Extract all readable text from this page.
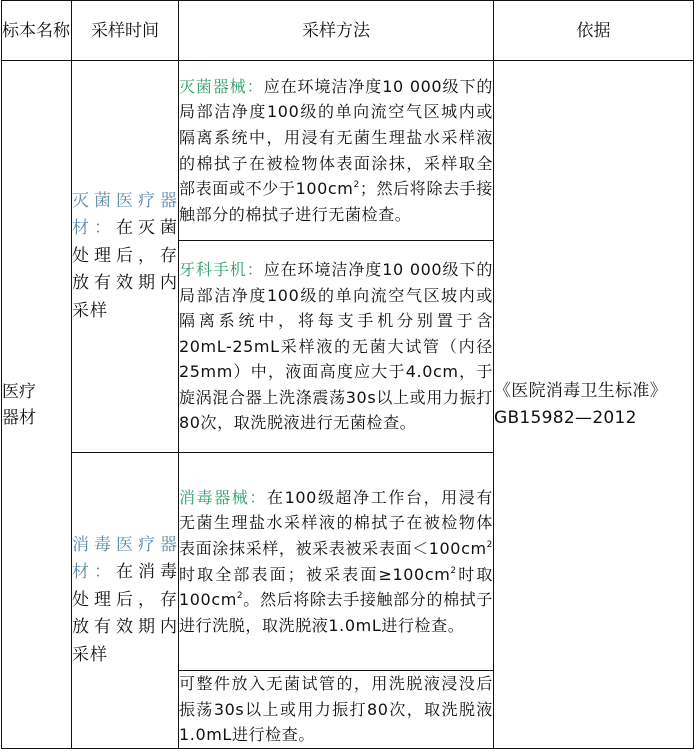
标本名称	采样时间	采样方法	依据

医疗器材	灭菌医疗器材：在灭菌处理后，存放有效期内采样	灭菌器械：应在环境洁净度10 000级下的局部洁净度100级的单向流空气区城内或隔离系统中，用浸有无菌生理盐水采样液的棉拭子在被检物体表面涂抹，采样取全部表面或不少于$100cm^2$；然后将除去手接触部分的棉拭子进行无菌检查。	《医院消毒卫生标准》GB15982—2012
		牙科手机：应在环境洁净度10 000级下的局部洁净度100级的单向流空气区坡内或隔离系统中，将每支手机分别置于含20mL-25mL采样液的无菌大试管（内径25mm）中，液面高度应大于4.0cm，于旋涡混合器上洗涤震荡30s以上或用力振打80次，取洗脱液进行无菌检查。	
	消毒医疗器材：在消毒处理后，存放有效期内采样	消毒器械：在100级超净工作台，用浸有无菌生理盐水采样液的棉拭子在被检物体表面涂抹采样，被采表被采表面$<100cm^2$时取全部表面；被采表面$\ge 100cm^2$时取$100cm^2$。然后将除去手接触部分的棉拭子进行洗脱，取洗脱液1.0mL进行检查。	
		可整件放入无菌试管的，用洗脱液浸没后振荡30s以上或用力振打80次，取洗脱液1.0mL进行检查。	
